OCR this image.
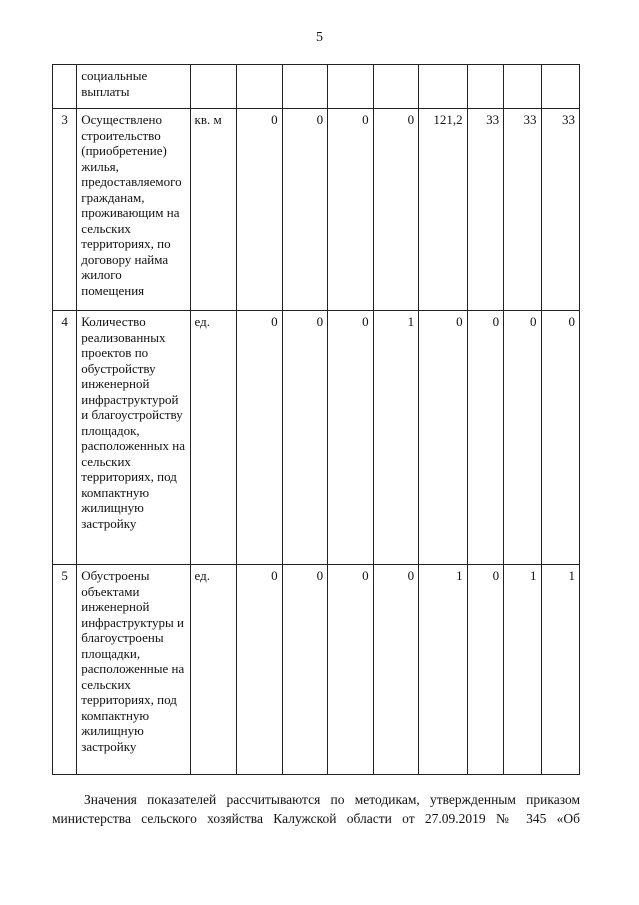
5
	социальные выплаты									
3	Осуществлено строительство (приобретение) жилья, предоставляемого гражданам, проживающим на сельских территориях, по договору найма жилого помещения	кв. м	0	0	0	0	121,2	33	33	33
4	Количество реализованных проектов по обустройству инженерной инфраструктурой и благоустройству площадок, расположенных на сельских территориях, под компактную жилищную застройку	ед.	0	0	0	1	0	0	0	0
5	Обустроены объектами инженерной инфраструктуры и благоустроены площадки, расположенные на сельских территориях, под компактную жилищную застройку	ед.	0	0	0	0	1	0	1	1
Значения показателей рассчитываются по методикам, утвержденным приказом
министерства сельского хозяйства Калужской области от 27.09.2019 № 345 «Об
